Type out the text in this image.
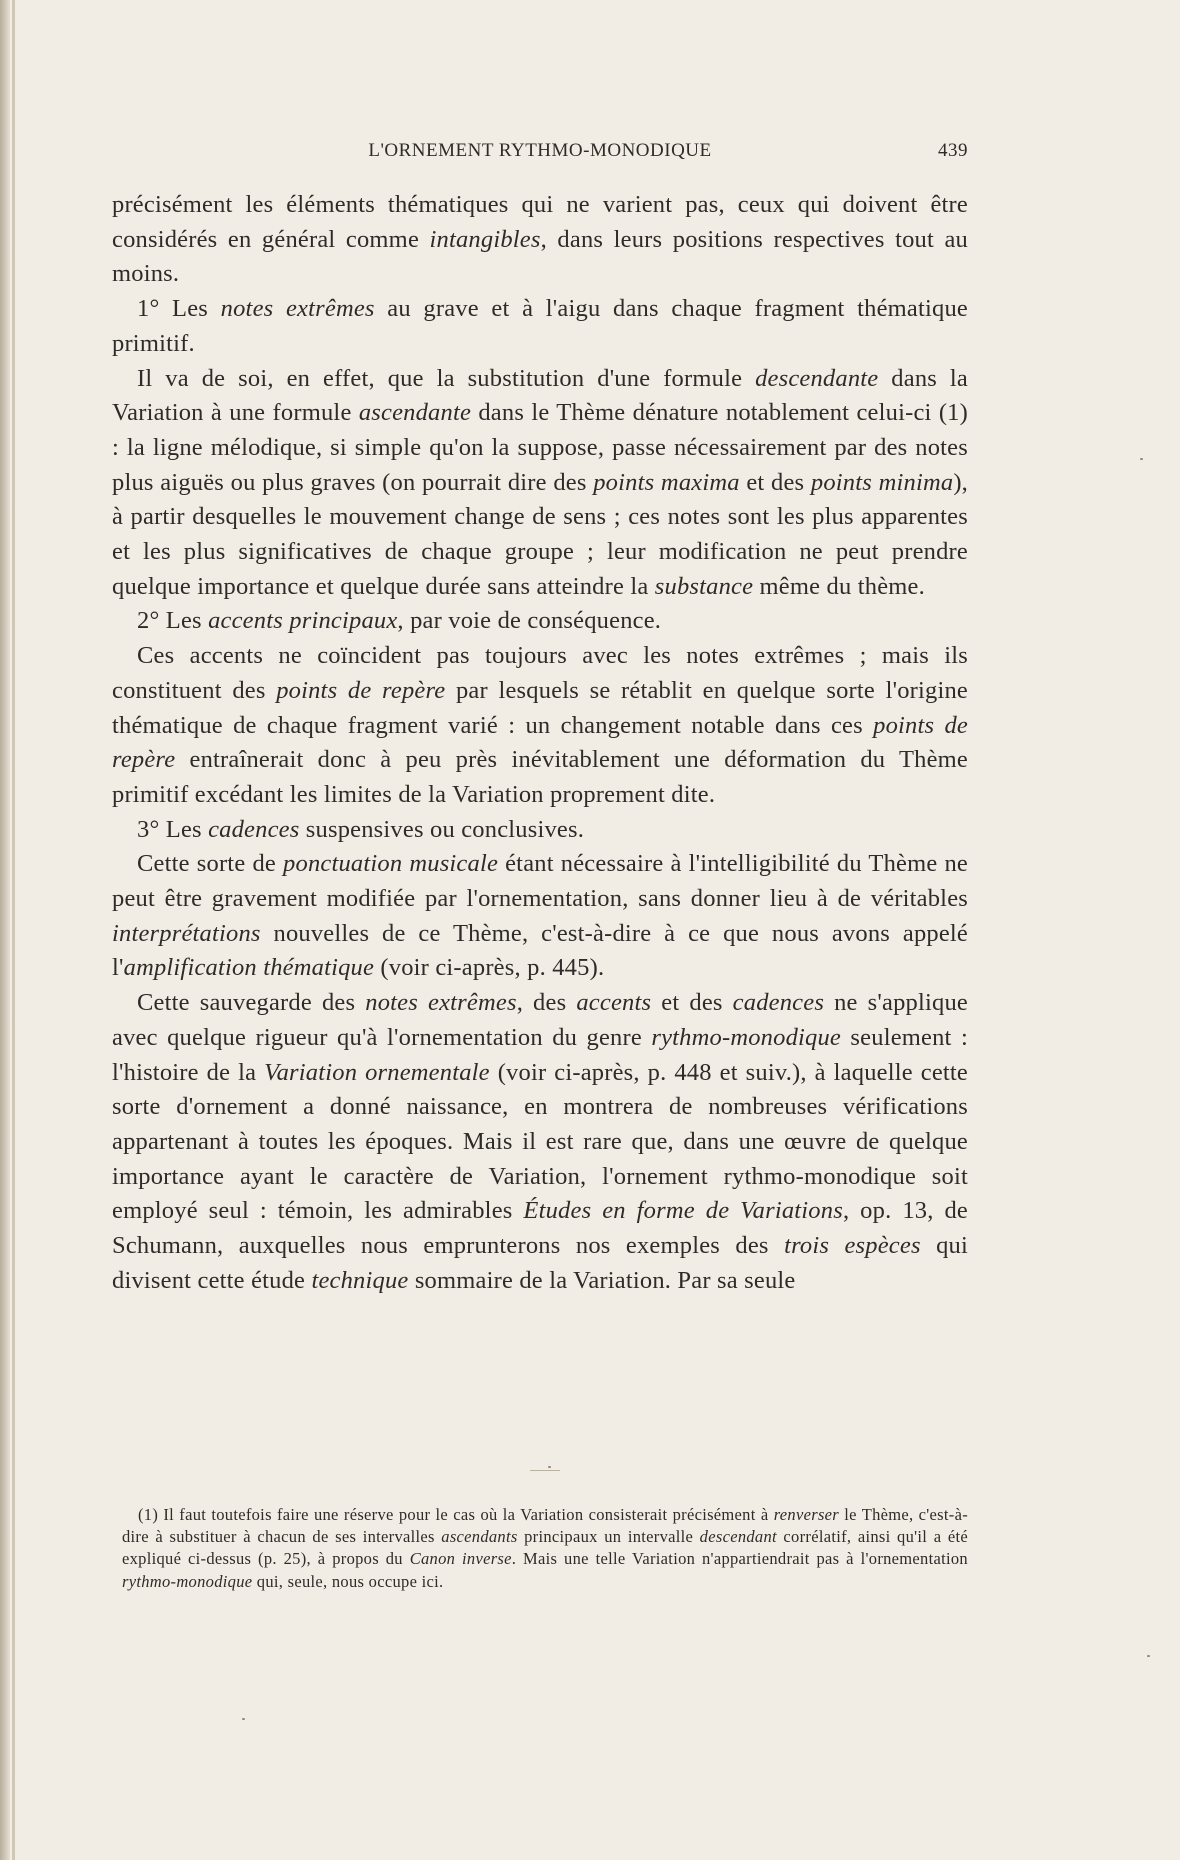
L'ORNEMENT RYTHMO-MONODIQUE	439

précisément les éléments thématiques qui ne varient pas, ceux qui doivent être considérés en général comme intangibles, dans leurs positions respectives tout au moins.

1° Les notes extrêmes au grave et à l'aigu dans chaque fragment thématique primitif.

Il va de soi, en effet, que la substitution d'une formule descendante dans la Variation à une formule ascendante dans le Thème dénature notablement celui-ci (1) : la ligne mélodique, si simple qu'on la suppose, passe nécessairement par des notes plus aiguës ou plus graves (on pourrait dire des points maxima et des points minima), à partir desquelles le mouvement change de sens ; ces notes sont les plus apparentes et les plus significatives de chaque groupe ; leur modification ne peut prendre quelque importance et quelque durée sans atteindre la substance même du thème.

2° Les accents principaux, par voie de conséquence.

Ces accents ne coïncident pas toujours avec les notes extrêmes ; mais ils constituent des points de repère par lesquels se rétablit en quelque sorte l'origine thématique de chaque fragment varié : un changement notable dans ces points de repère entraînerait donc à peu près inévitablement une déformation du Thème primitif excédant les limites de la Variation proprement dite.

3° Les cadences suspensives ou conclusives.

Cette sorte de ponctuation musicale étant nécessaire à l'intelligibilité du Thème ne peut être gravement modifiée par l'ornementation, sans donner lieu à de véritables interprétations nouvelles de ce Thème, c'est-à-dire à ce que nous avons appelé l'amplification thématique (voir ci-après, p. 445).

Cette sauvegarde des notes extrêmes, des accents et des cadences ne s'applique avec quelque rigueur qu'à l'ornementation du genre rythmo-monodique seulement : l'histoire de la Variation ornementale (voir ci-après, p. 448 et suiv.), à laquelle cette sorte d'ornement a donné naissance, en montrera de nombreuses vérifications appartenant à toutes les époques. Mais il est rare que, dans une œuvre de quelque importance ayant le caractère de Variation, l'ornement rythmo-monodique soit employé seul : témoin, les admirables Études en forme de Variations, op. 13, de Schumann, auxquelles nous emprunterons nos exemples des trois espèces qui divisent cette étude technique sommaire de la Variation. Par sa seule

(1) Il faut toutefois faire une réserve pour le cas où la Variation consisterait précisément à renverser le Thème, c'est-à-dire à substituer à chacun de ses intervalles ascendants principaux un intervalle descendant corrélatif, ainsi qu'il a été expliqué ci-dessus (p. 25), à propos du Canon inverse. Mais une telle Variation n'appartiendrait pas à l'ornementation rythmo-monodique qui, seule, nous occupe ici.
